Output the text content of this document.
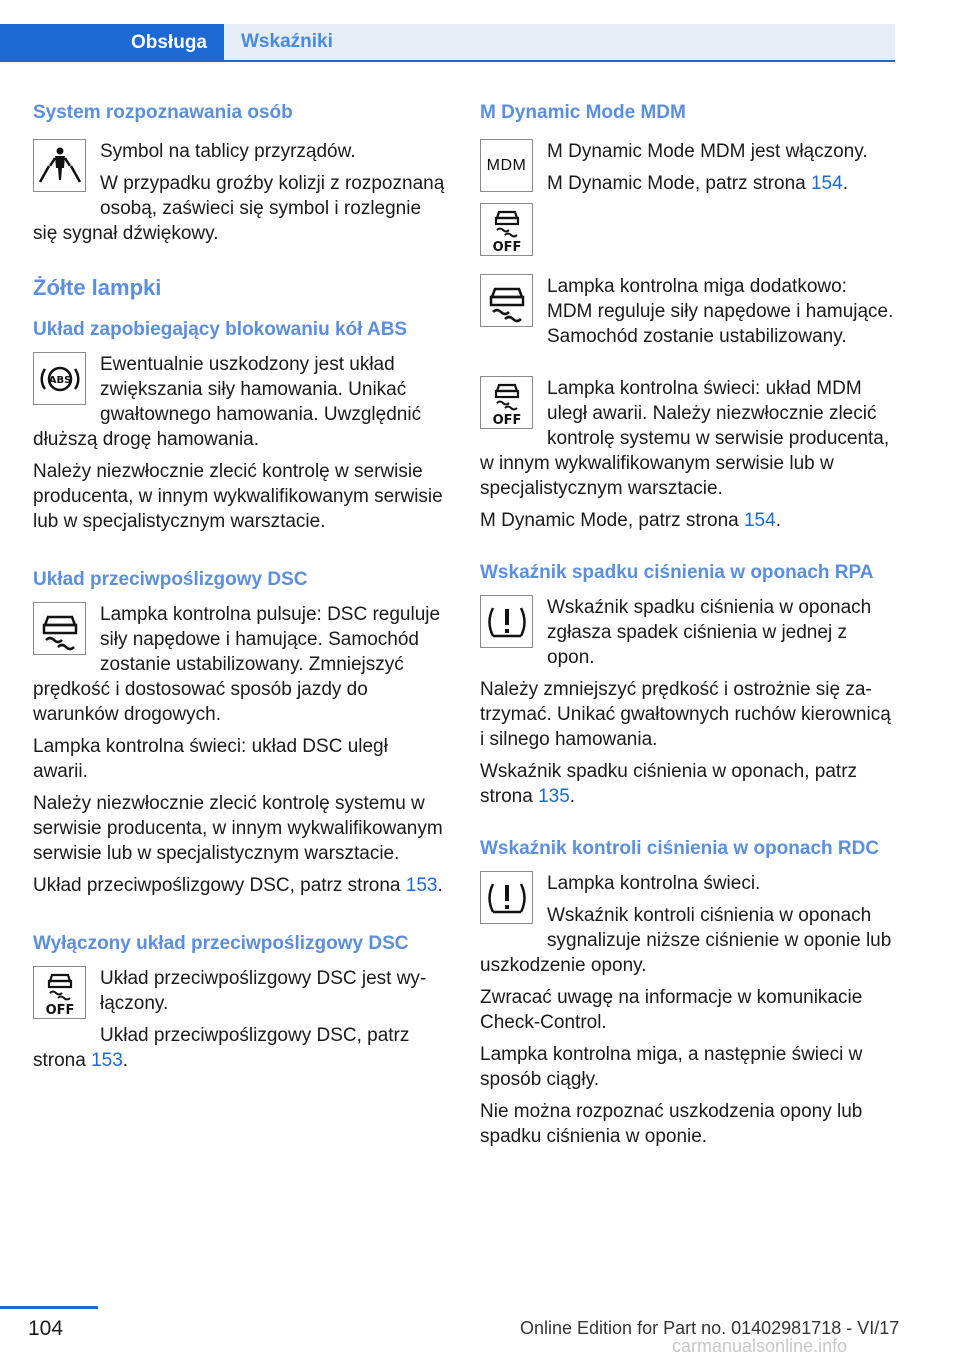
Obsługa	Wskaźniki
System rozpoznawania osób

Symbol na tablicy przyrządów.

W przypadku groźby kolizji z rozpoznaną osobą, zaświeci się symbol i rozlegnie się sygnał dźwiękowy.

Żółte lampki
Układ zapobiegający blokowaniu kół ABS
ABS

Ewentualnie uszkodzony jest układ zwiększania siły hamowania. Unikać gwałtownego hamowania. Uwzględnić dłuższą drogę hamowania.

Należy niezwłocznie zlecić kontrolę w serwisie producenta, w innym wykwalifikowanym serwisie lub w specjalistycznym warsztacie.

Układ przeciwpoślizgowy DSC

Lampka kontrolna pulsuje: DSC reguluje siły napędowe i hamujące. Samochód zostanie ustabilizowany. Zmniejszyć prędkość i dostosować sposób jazdy do warunków drogowych.

Lampka kontrolna świeci: układ DSC uległ awarii.

Należy niezwłocznie zlecić kontrolę systemu w serwisie producenta, w innym wykwalifikowanym serwisie lub w specjalistycznym warsztacie.

Układ przeciwpoślizgowy DSC, patrz strona 153.

Wyłączony układ przeciwpoślizgowy DSC
OFF

Układ przeciwpoślizgowy DSC jest wyłączony.

Układ przeciwpoślizgowy DSC, patrz strona 153.

M Dynamic Mode MDM
MDM

M Dynamic Mode MDM jest włączony.

M Dynamic Mode, patrz strona 154.

OFF

Lampka kontrolna miga dodatkowo: MDM reguluje siły napędowe i hamujące. Samochód zostanie ustabilizowany.

OFF

Lampka kontrolna świeci: układ MDM uległ awarii. Należy niezwłocznie zlecić kontrolę systemu w serwisie producenta, w innym wykwalifikowanym serwisie lub w specjalistycznym warsztacie.

M Dynamic Mode, patrz strona 154.

Wskaźnik spadku ciśnienia w oponach RPA

Wskaźnik spadku ciśnienia w oponach zgłasza spadek ciśnienia w jednej z opon.

Należy zmniejszyć prędkość i ostrożnie się zatrzymać. Unikać gwałtownych ruchów kierownicą i silnego hamowania.

Wskaźnik spadku ciśnienia w oponach, patrz strona 135.

Wskaźnik kontroli ciśnienia w oponach RDC

Lampka kontrolna świeci.

Wskaźnik kontroli ciśnienia w oponach sygnalizuje niższe ciśnienie w oponie lub uszkodzenie opony.

Zwracać uwagę na informacje w komunikacie Check-Control.

Lampka kontrolna miga, a następnie świeci w sposób ciągły.

Nie można rozpoznać uszkodzenia opony lub spadku ciśnienia w oponie.

104	Online Edition for Part no. 01402981718 - VI/17
carmanualsonline.info
